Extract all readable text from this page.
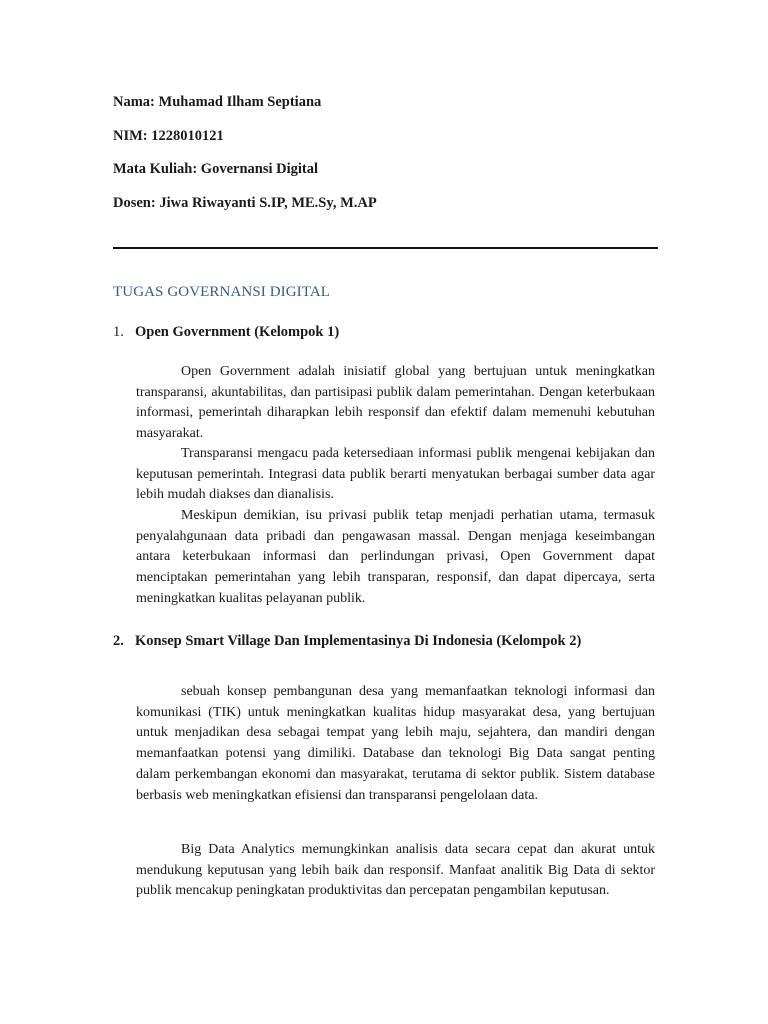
Nama: Muhamad Ilham Septiana
NIM: 1228010121
Mata Kuliah: Governansi Digital
Dosen: Jiwa Riwayanti S.IP, ME.Sy, M.AP
TUGAS GOVERNANSI DIGITAL
1. Open Government (Kelompok 1)

Open Government adalah inisiatif global yang bertujuan untuk meningkatkan transparansi, akuntabilitas, dan partisipasi publik dalam pemerintahan. Dengan keterbukaan informasi, pemerintah diharapkan lebih responsif dan efektif dalam memenuhi kebutuhan masyarakat.

Transparansi mengacu pada ketersediaan informasi publik mengenai kebijakan dan keputusan pemerintah. Integrasi data publik berarti menyatukan berbagai sumber data agar lebih mudah diakses dan dianalisis.

Meskipun demikian, isu privasi publik tetap menjadi perhatian utama, termasuk penyalahgunaan data pribadi dan pengawasan massal. Dengan menjaga keseimbangan antara keterbukaan informasi dan perlindungan privasi, Open Government dapat menciptakan pemerintahan yang lebih transparan, responsif, dan dapat dipercaya, serta meningkatkan kualitas pelayanan publik.

2. Konsep Smart Village Dan Implementasinya Di Indonesia (Kelompok 2)

sebuah konsep pembangunan desa yang memanfaatkan teknologi informasi dan komunikasi (TIK) untuk meningkatkan kualitas hidup masyarakat desa, yang bertujuan untuk menjadikan desa sebagai tempat yang lebih maju, sejahtera, dan mandiri dengan memanfaatkan potensi yang dimiliki. Database dan teknologi Big Data sangat penting dalam perkembangan ekonomi dan masyarakat, terutama di sektor publik. Sistem database berbasis web meningkatkan efisiensi dan transparansi pengelolaan data.

Big Data Analytics memungkinkan analisis data secara cepat dan akurat untuk mendukung keputusan yang lebih baik dan responsif. Manfaat analitik Big Data di sektor publik mencakup peningkatan produktivitas dan percepatan pengambilan keputusan.
